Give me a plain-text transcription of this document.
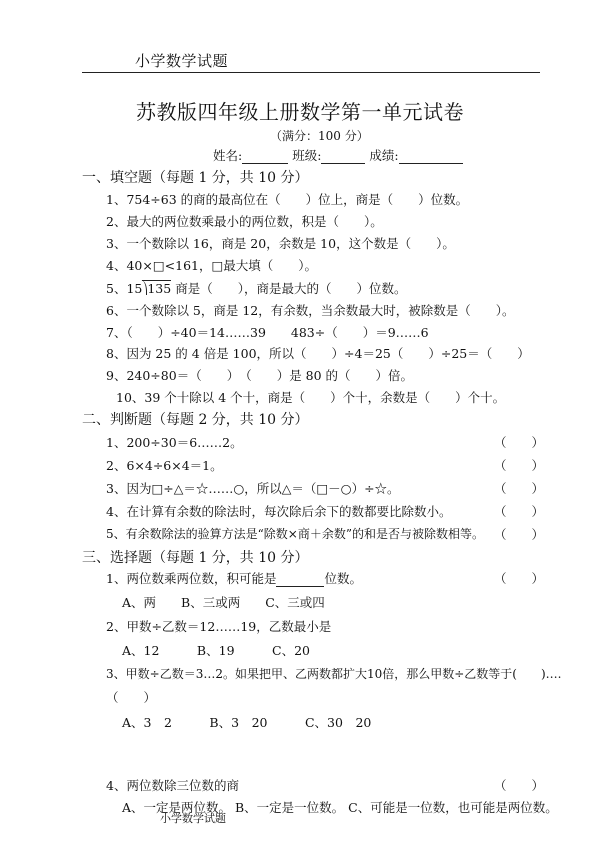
小学数学试题
苏教版四年级上册数学第一单元试卷
（满分：100 分）
姓名:	班级:	成绩:
一、填空题（每题 1 分，共 10 分）
1、754÷63 的商的最高位在（　　）位上，商是（　　）位数。
2、最大的两位数乘最小的两位数，积是（　　）。
3、一个数除以 16，商是 20，余数是 10，这个数是（　　）。
4、40×□<161，□最大填（　　）。
5、15 135 商是（　　），商是最大的（　　）位数。
6、一个数除以 5，商是 12，有余数，当余数最大时，被除数是（　　）。
7、（　　）÷40＝14……39　　483÷（　　）＝9……6
8、因为 25 的 4 倍是 100，所以（　　）÷4＝25（　　）÷25＝（　　）
9、240÷80＝（　　）　（　　）是 80 的（　　）倍。
10、39 个十除以 4 个十，商是（　　）个十，余数是（　　）个十。
二、判断题（每题 2 分，共 10 分）
1、200÷30＝6……2。	（　　）
2、6×4÷6×4＝1。	（　　）
3、因为□÷△＝☆……○，所以△＝（□－○）÷☆。	（　　）
4、在计算有余数的除法时，每次除后余下的数都要比除数小。	（　　）
5、有余数除法的验算方法是“除数×商＋余数”的和是否与被除数相等。 （　　）
三、选择题（每题 1 分，共 10 分）
1、两位数乘两位数，积可能是	位数。	（　　）
A、两　　B、三或两　　C、三或四
2、甲数÷乙数＝12……19，乙数最小是
A、12　　　B、19　　　C、20
3、甲数÷乙数＝3…2。如果把甲、乙两数都扩大10倍，那么甲数÷乙数等于(　　)….
（　　）
A、3　2　　　B、3　20　　　C、30　20
4、两位数除三位数的商	（　　）
A、一定是两位数。 B、一定是一位数。 C、可能是一位数，也可能是两位数。
小学数学试题
